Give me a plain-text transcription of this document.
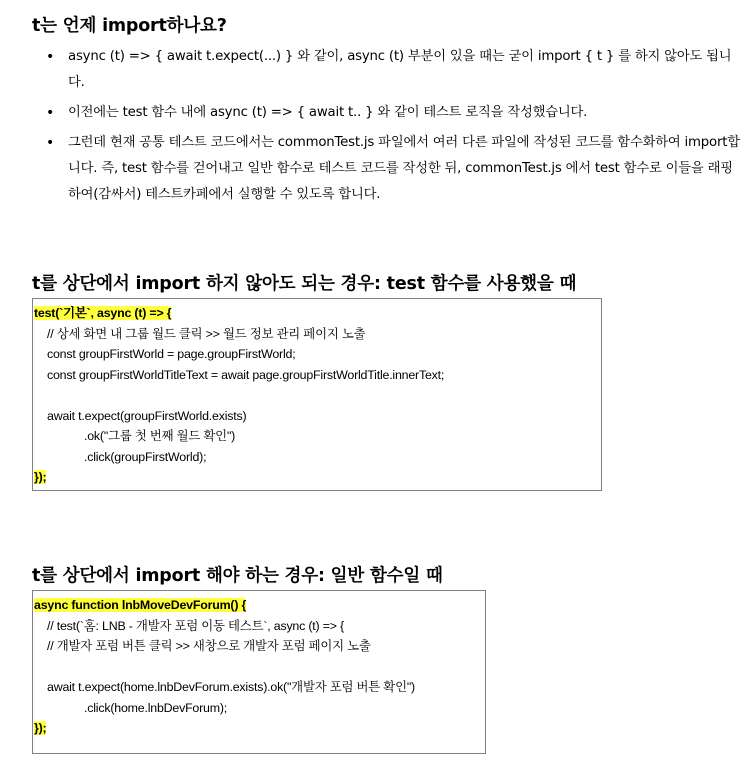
t는 언제 import하나요?
• async (t) => { await t.expect(...) } 와 같이, async (t) 부분이 있을 때는 굳이 import { t } 를 하지 않아도 됩니다.
• 이전에는 test 함수 내에 async (t) => { await t.. } 와 같이 테스트 로직을 작성했습니다.
• 그런데 현재 공통 테스트 코드에서는 commonTest.js 파일에서 여러 다른 파일에 작성된 코드를 함수화하여 import합니다. 즉, test 함수를 걷어내고 일반 함수로 테스트 코드를 작성한 뒤, commonTest.js 에서 test 함수로 이들을 래핑하여(감싸서) 테스트카페에서 실행할 수 있도록 합니다.
t를 상단에서 import 하지 않아도 되는 경우: test 함수를 사용했을 때
test(`기본`, async (t) => {
// 상세 화면 내 그룹 월드 클릭 >> 월드 정보 관리 페이지 노출
const groupFirstWorld = page.groupFirstWorld;
const groupFirstWorldTitleText = await page.groupFirstWorldTitle.innerText;
await t.expect(groupFirstWorld.exists)
.ok("그룹 첫 번째 월드 확인")
.click(groupFirstWorld);
});
t를 상단에서 import 해야 하는 경우: 일반 함수일 때
async function lnbMoveDevForum() {
// test(`홈: LNB - 개발자 포럼 이동 테스트`, async (t) => {
// 개발자 포럼 버튼 클릭 >> 새창으로 개발자 포럼 페이지 노출
await t.expect(home.lnbDevForum.exists).ok("개발자 포럼 버튼 확인")
.click(home.lnbDevForum);
});
